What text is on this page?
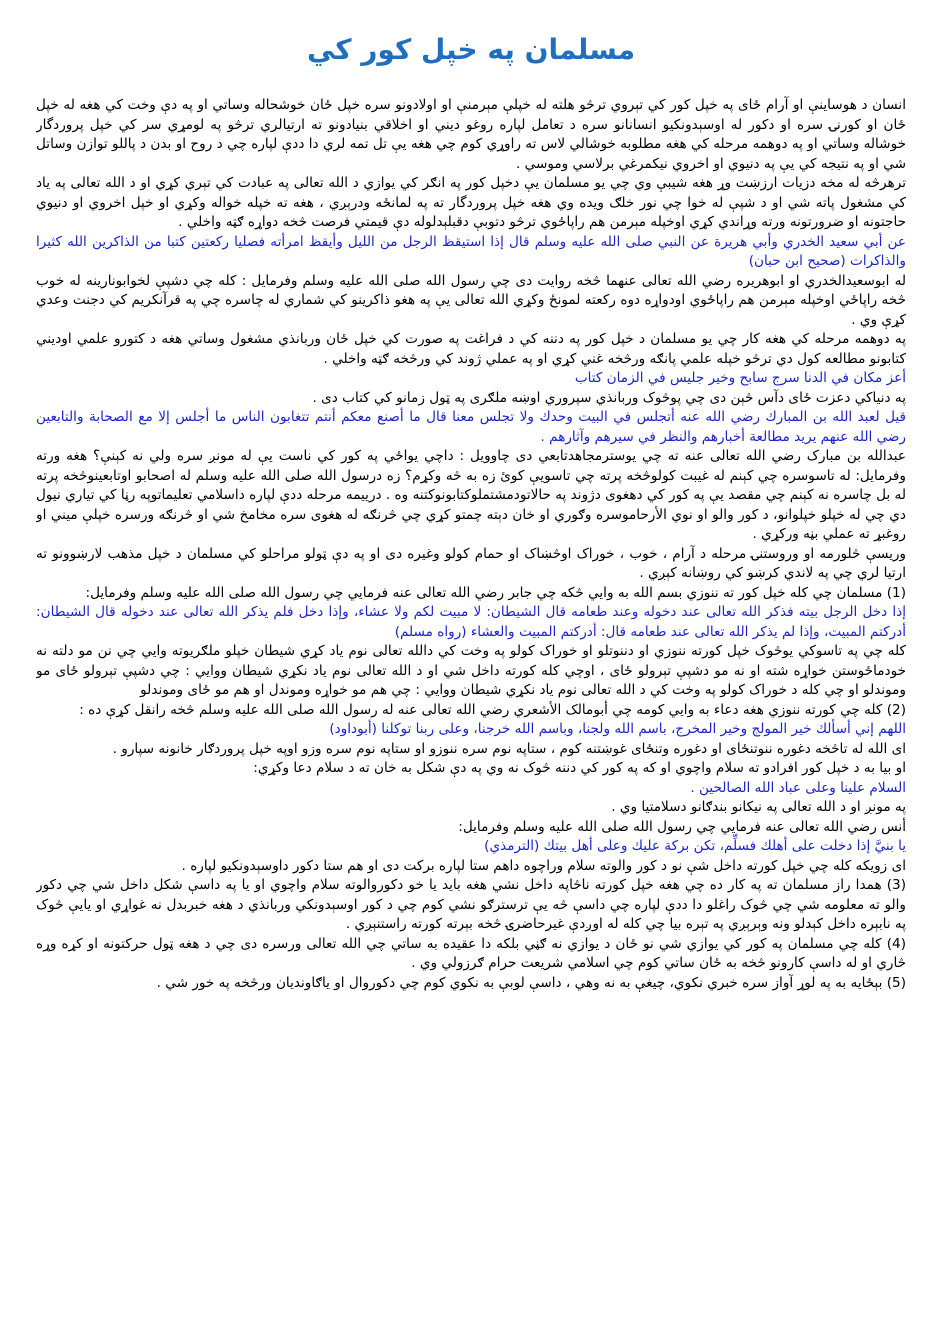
مسلمان په خپل کور کي

انسان د هوساینې او آرام ځای په خپل کور کي تېروي ترڅو هلته له خپلې مېرمنې او اولادونو سره خپل ځان خوشحاله وساتي او په دې وخت کي هغه له خپل ځان او کورنۍ سره او دکور له اوسېدونکیو انسانانو سره د تعامل لپاره روغو دیني او اخلاقي بنیادونو ته ارتیالري ترڅو په لومړي سر کي خپل پروردگار خوشاله وساتي او په دوهمه مرحله کي هغه مطلوبه خوشالي لاس ته راوړي کوم چي هغه یې تل تمه لري دا ددې لپاره چي د روح او بدن د پاللو توازن وساتل شي او په نتیجه کي یې په دنیوي او اخروي نیکمرغي برلاسي وموسي .

ترهرڅه له مخه دزیات ارزښت وړ هغه شیبې وي چي یو مسلمان یې دخپل کور په انګر کي یوازي د الله تعالی په عبادت کي تېري کړي او د الله تعالی په یاد کي مشغول پاته شي او د شپې له خوا چي نور خلګ ویده وي هغه خپل پروردگار ته په لمانځه ودرېږي ، هغه ته خپله خواله وکړي او خپل اخروي او دنیوي حاجتونه او ضرورتونه ورته وړاندي کړي اوخپله مېرمن هم راپاځوي ترڅو دتوبې دقبلېدلوله دې قیمتي فرصت څخه دواړه ګټه واخلي .

عن أبي سعيد الخدري وأبي هريرة عن النبي صلى الله عليه وسلم قال إذا استيقظ الرجل من الليل وأيقظ امرأته فصليا ركعتين كتبا من الذاكرين الله كثيرا والذاكرات (صحيح ابن حبان)

له ابوسعیدالخدري او ابوهریره رضي الله تعالی عنهما څخه روایت دی چي رسول الله صلی الله علیه وسلم وفرمایل : کله چي دشپې لخوابونارینه له خوب څخه راپاځي اوخپله مېرمن هم راپاځوي اودواړه دوه رکعته لمونځ وکړي الله تعالی یې په هغو ذاکرینو کي شماري له چاسره چي په قرآنکریم کي دجنت وعدي کړې وي .

په دوهمه مرحله کي هغه کار چي یو مسلمان د خپل کور په دننه کي د فراغت په صورت کي خپل ځان وربانذي مشغول وساتي هغه د کتورو علمي اودیني کتابونو مطالعه کول دي ترڅو خپله علمي پانګه ورڅخه غني کړي او په عملي ژوند کي ورڅخه ګټه واخلي .

أعز مكان في الدنا سرج سابح وخير جليس في الزمان كتاب

په دنیاکي دعزت ځای دآس څېن دی چي پوڅوک وربانذي سپروري اوښه ملګری په ټول زمانو کي کتاب دی .

قيل لعبد الله بن المبارك رضي الله عنه أتجلس في البيت وحدك ولا تجلس معنا قال ما أصنع معكم أنتم تتغابون الناس ما أجلس إلا مع الصحابة والتابعين رضي الله عنهم يريد مطالعة أخبارهم والنظر في سيرهم وآثارهم .

عبدالله بن مبارک رضي الله تعالی عنه ته چي یوسترمجاهدتابعي دی چاوویل : داچي یواځي په کور کي ناست یې له مونږ سره ولي نه کېنې؟ هغه ورته وفرمایل: له تاسوسره چي کېنم له غیبت کولوڅخه پرته چي تاسویې کوئ زه به څه وکړم؟ زه درسول الله صلی الله علیه وسلم له اصحابو اوتابعینوڅخه پرته له بل چاسره نه کېنم چي مقصد یې په کور کي دهغوی دژوند په حالاتودمشتملوکتابونوکتنه وه . درییمه مرحله ددې لپاره داسلامي تعلیماتوپه رڼا کي تیاري نیول دي چي له خپلو خپلوانو، د کور والو او نوي الأرحاموسره وګوري او خان دېته چمتو کړي چي څرنګه له هغوی سره مخامخ شي او څرنګه ورسره خپلې میني او روغبړ ته عملي بڼه ورکړي .

وریسې څلورمه او وروستنۍ مرحله د آرام ، خوب ، خوراک اوڅښاک او حمام کولو وغیره دی او په دې ټولو مراحلو کي مسلمان د خپل مذهب لارښوونو ته ارتیا لري چي په لاندي کرښو کي روښانه کېږي .

(1) مسلمان چي کله خپل کور ته ننوزي بسم الله به وایي څکه چي جابر رضي الله تعالی عنه فرمایي چي رسول الله صلی الله علیه وسلم وفرمایل:

إذا دخل الرجل بيته فذكر الله تعالى عند دخوله وعند طعامه قال الشيطان: لا مبيت لكم ولا عشاء، وإذا دخل فلم يذكر الله تعالى عند دخوله قال الشيطان: أدركتم المبيت، وإذا لم يذكر الله تعالى عند طعامه قال: أدركتم المبيت والعشاء (رواه مسلم)

کله چي په تاسوکي یوڅوک خپل کورته ننوزي او دننوتلو او خوراک کولو په وخت کي دالله تعالی نوم یاد کړي شیطان خپلو ملګریوته وایي چي نن مو دلته نه خودماځوستن خواړه شته او نه مو دشپې تېرولو ځای ، اوچي کله کورته داخل شي او د الله تعالی نوم یاد نکړي شیطان ووایي : چي دشپې تېرولو ځای مو وموندلو او چي کله د خوراک کولو په وخت کي د الله تعالی نوم یاد نکړي شیطان ووایي : چي هم مو خواړه وموندل او هم مو ځای وموندلو

(2) کله چي کورته ننوزي هغه دعاء به وایي کومه چي أبومالک الأشعري رضي الله تعالی عنه له رسول الله صلی الله علیه وسلم څخه رانقل کړې ده :

اللهم إني أسألك خير المولج وخير المخرج، باسم الله ولجنا، وباسم الله خرجنا، وعلى ربنا توكلنا (أبوداود)

ای الله له تاڅخه دغوره ننوتنځای او دغوره وتنځای غوښتنه کوم ، ستاپه نوم سره ننوزو او ستاپه نوم سره وزو اوپه خپل پروردګار خانونه سپارو .

او بیا به د خپل کور افرادو ته سلام واچوي او که په کور کي دننه څوک نه وي په دې شکل به خان ته د سلام دعا وکړي:

السلام علينا وعلى عباد الله الصالحين .

په مونږ او د الله تعالی په نیکانو بندګانو دسلامتیا وي .

أنس رضي الله تعالی عنه فرمایي چي رسول الله صلی الله علیه وسلم وفرمایل:

يا بنيَّ إذا دخلت على أهلك فسلِّم، تكن بركة عليك وعلى أهل بيتك (الترمذي)

ای زویکه کله چي خپل کورته داخل شې نو د کور والوته سلام وراچوه داهم ستا لپاره برکت دی او هم ستا دکور داوسېدونکیو لپاره .

(3) همدا راز مسلمان ته په کار ده چي هغه خپل کورته ناڅاپه داخل نشي هغه باید یا خو دکوروالوته سلام واچوي او یا په داسې شکل داخل شي چي دکور والو ته معلومه شي چي څوک راغلو دا ددې لپاره چي داسې څه یې ترسترګو نشي کوم چي د کور اوسېدونکي وربانذي د هغه خبربدل نه غواړي او یایې څوک په نابېره داخل کېدلو ونه وېرېږي په تېره بیا چي کله له اوږدې غیرحاضرۍ څخه بېرته کورته راستنېږي .

(4) کله چي مسلمان په کور کي یوازي شي نو ځان د یوازي نه ګڼي بلکه دا عقیده به ساتي چي الله تعالی ورسره دی چي د هغه ټول حرکتونه او کړه وړه څاري او له داسې کارونو څخه به ځان ساتي کوم چي اسلامي شریعت حرام ګرزولي وي .

(5) بېځایه به په لوړ آواز سره خبري نکوي، چیغې به نه وهي ، داسې لوبې به نکوي کوم چي دکوروال او یاګاوندیان ورڅخه په خور شي .
